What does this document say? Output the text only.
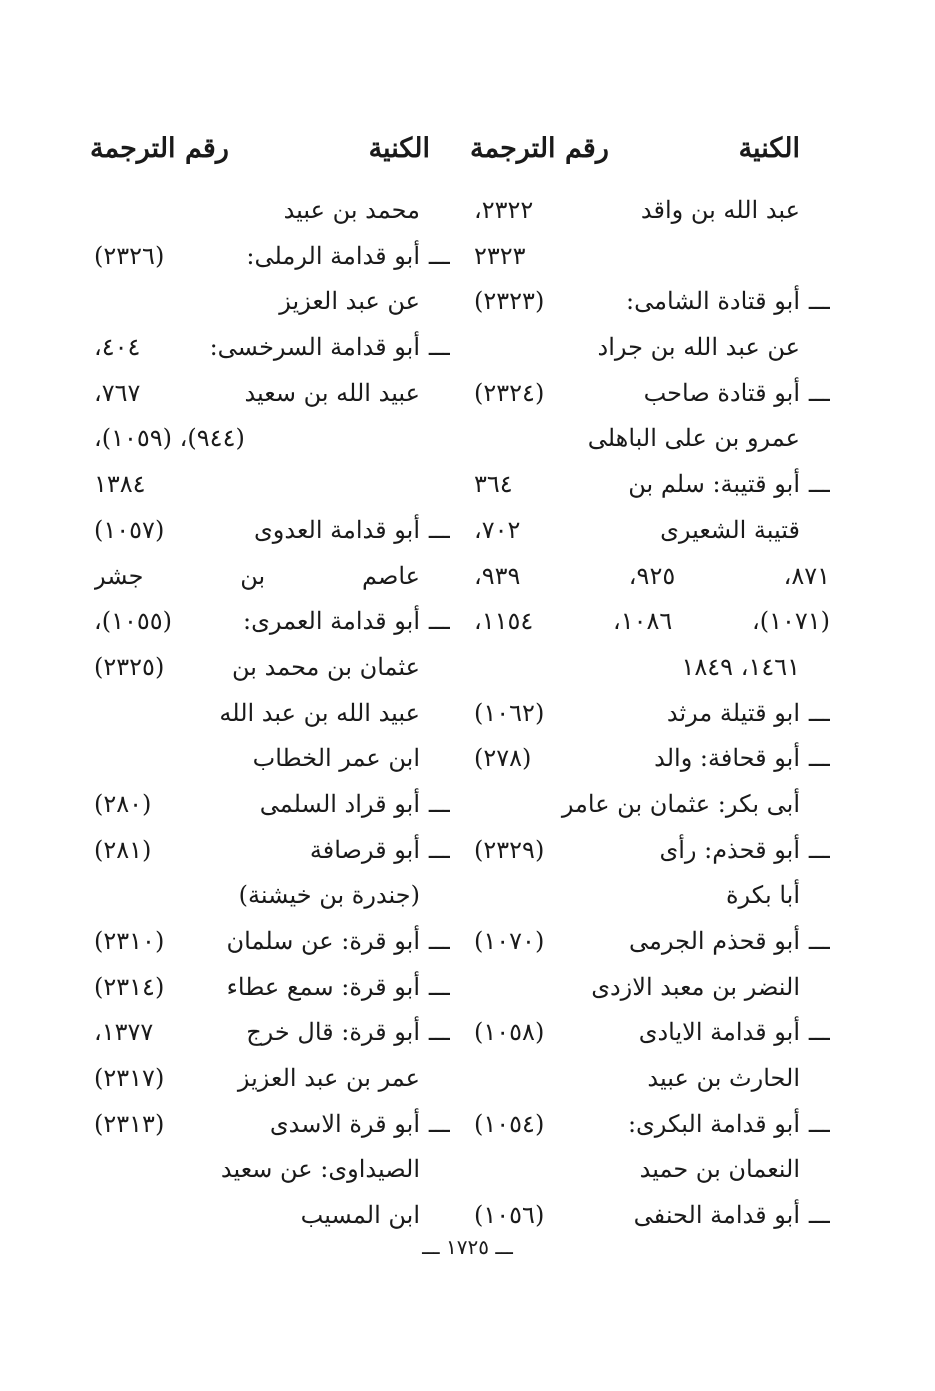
الكنية
رقم الترجمة
عبد الله بن واقد
٢٣٢٢،
٢٣٢٣
ـــأبو قتادة الشامى:
(٢٣٢٣)
عن عبد الله بن جراد
ـــأبو قتادة صاحب
(٢٣٢٤)
عمرو بن على الباهلى
ـــأبو قتيبة: سلم بن
٣٦٤
قتيبة الشعيرى
٧٠٢،
٨٧١، ٩٢٥، ٩٣٩،
(١٠٧١)، ١٠٨٦، ١١٥٤،
١٤٦١، ١٨٤٩
ـــابو قتيلة مرثد
(١٠٦٢)
ـــأبو قحافة: والد
(٢٧٨)
أبى بكر: عثمان بن عامر
ـــأبو قحذم: رأى
(٢٣٢٩)
أبا بكرة
ـــأبو قحذم الجرمى
(١٠٧٠)
النضر بن معبد الازدى
ـــأبو قدامة الايادى
(١٠٥٨)
الحارث بن عبيد
ـــأبو قدامة البكرى:
(١٠٥٤)
النعمان بن حميد
ـــأبو قدامة الحنفى
(١٠٥٦)
الكنية
رقم الترجمة
محمد بن عبيد
ـــأبو قدامة الرملى:
(٢٣٢٦)
عن عبد العزيز
ـــأبو قدامة السرخسى:
٤٠٤،
عبيد الله بن سعيد
٧٦٧،
(٩٤٤)، (١٠٥٩)،
١٣٨٤
ـــأبو قدامة العدوى
(١٠٥٧)
عاصم بن جشر
ـــأبو قدامة العمرى:
(١٠٥٥)،
عثمان بن محمد بن
(٢٣٢٥)
عبيد الله بن عبد الله
ابن عمر الخطاب
ـــأبو قراد السلمى
(٢٨٠)
ـــأبو قرصافة
(٢٨١)
(جندرة بن خيشنة)
ـــأبو قرة: عن سلمان
(٢٣١٠)
ـــأبو قرة: سمع عطاء
(٢٣١٤)
ـــأبو قرة: قال خرج
١٣٧٧،
عمر بن عبد العزيز
(٢٣١٧)
ـــأبو قرة الاسدى
(٢٣١٣)
الصيداوى: عن سعيد
ابن المسيب
ـــ ١٧٢٥ ـــ
